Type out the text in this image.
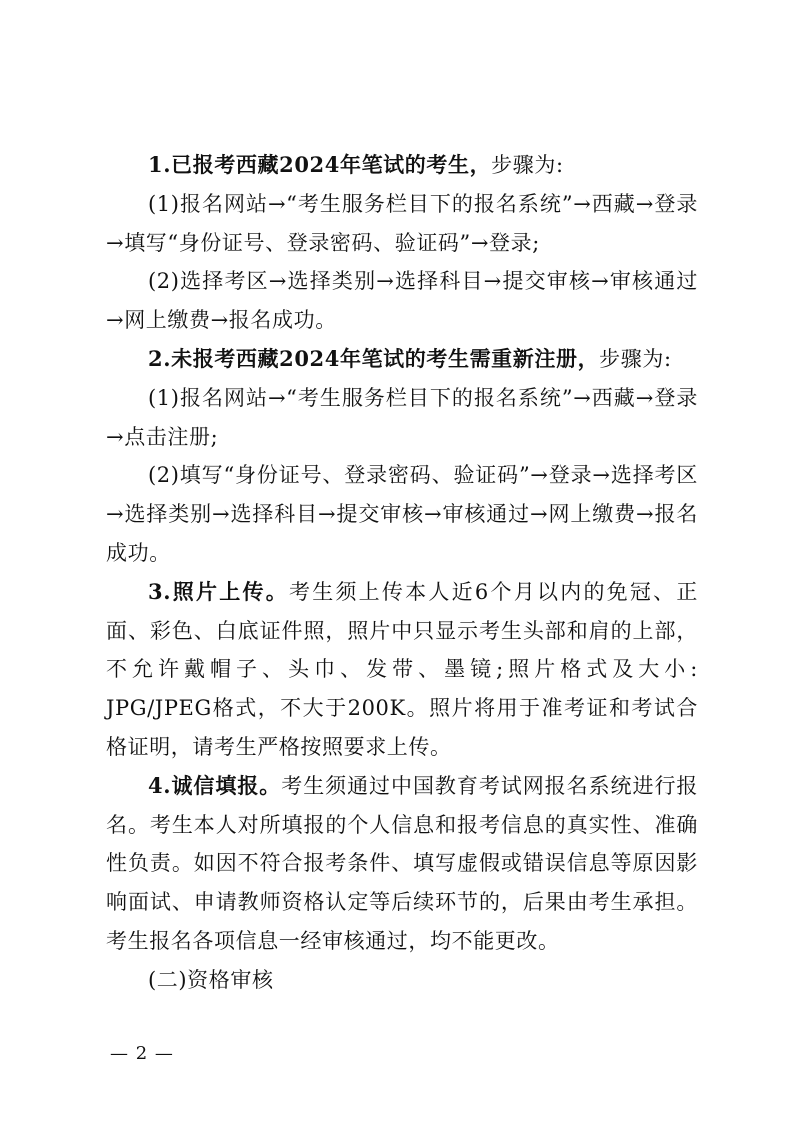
1.已报考西藏2024年笔试的考生，步骤为:

(1)报名网站→“考生服务栏目下的报名系统”→西藏→登录→填写“身份证号、登录密码、验证码”→登录;

(2)选择考区→选择类别→选择科目→提交审核→审核通过→网上缴费→报名成功。

2.未报考西藏2024年笔试的考生需重新注册，步骤为:

(1)报名网站→“考生服务栏目下的报名系统”→西藏→登录→点击注册;

(2)填写“身份证号、登录密码、验证码”→登录→选择考区→选择类别→选择科目→提交审核→审核通过→网上缴费→报名成功。

3.照片上传。考生须上传本人近6个月以内的免冠、正面、彩色、白底证件照，照片中只显示考生头部和肩的上部，不允许戴帽子、头巾、发带、墨镜;照片格式及大小: JPG/JPEG格式，不大于200K。照片将用于准考证和考试合格证明，请考生严格按照要求上传。

4.诚信填报。考生须通过中国教育考试网报名系统进行报名。考生本人对所填报的个人信息和报考信息的真实性、准确性负责。如因不符合报考条件、填写虚假或错误信息等原因影响面试、申请教师资格认定等后续环节的，后果由考生承担。考生报名各项信息一经审核通过，均不能更改。

(二)资格审核

— 2 —
